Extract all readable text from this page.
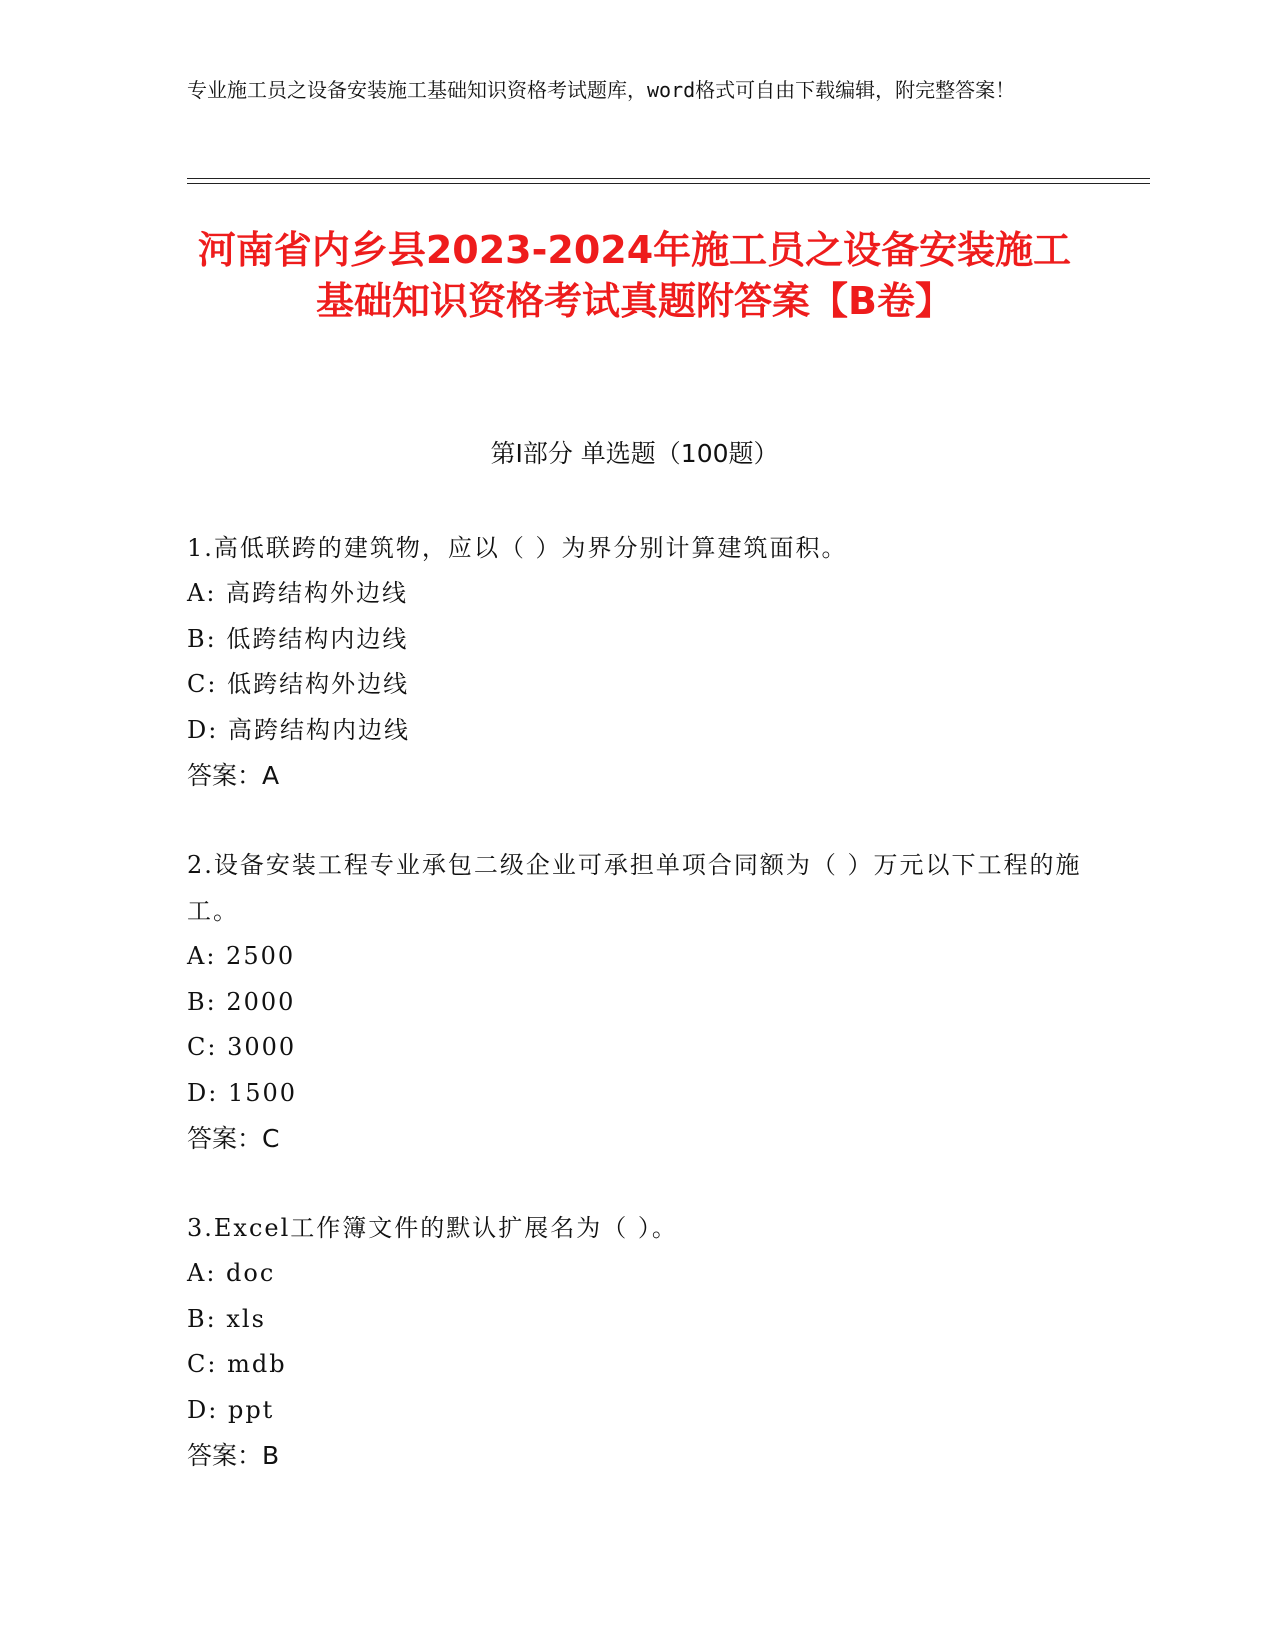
专业施工员之设备安装施工基础知识资格考试题库，word格式可自由下载编辑，附完整答案！
河南省内乡县2023-2024年施工员之设备安装施工基础知识资格考试真题附答案【B卷】
第I部分 单选题（100题）
1.高低联跨的建筑物，应以（ ）为界分别计算建筑面积。
A: 高跨结构外边线
B: 低跨结构内边线
C: 低跨结构外边线
D: 高跨结构内边线
答案：A
2.设备安装工程专业承包二级企业可承担单项合同额为（ ）万元以下工程的施工。
A: 2500
B: 2000
C: 3000
D: 1500
答案：C
3.Excel工作簿文件的默认扩展名为（ ）。
A: doc
B: xls
C: mdb
D: ppt
答案：B
